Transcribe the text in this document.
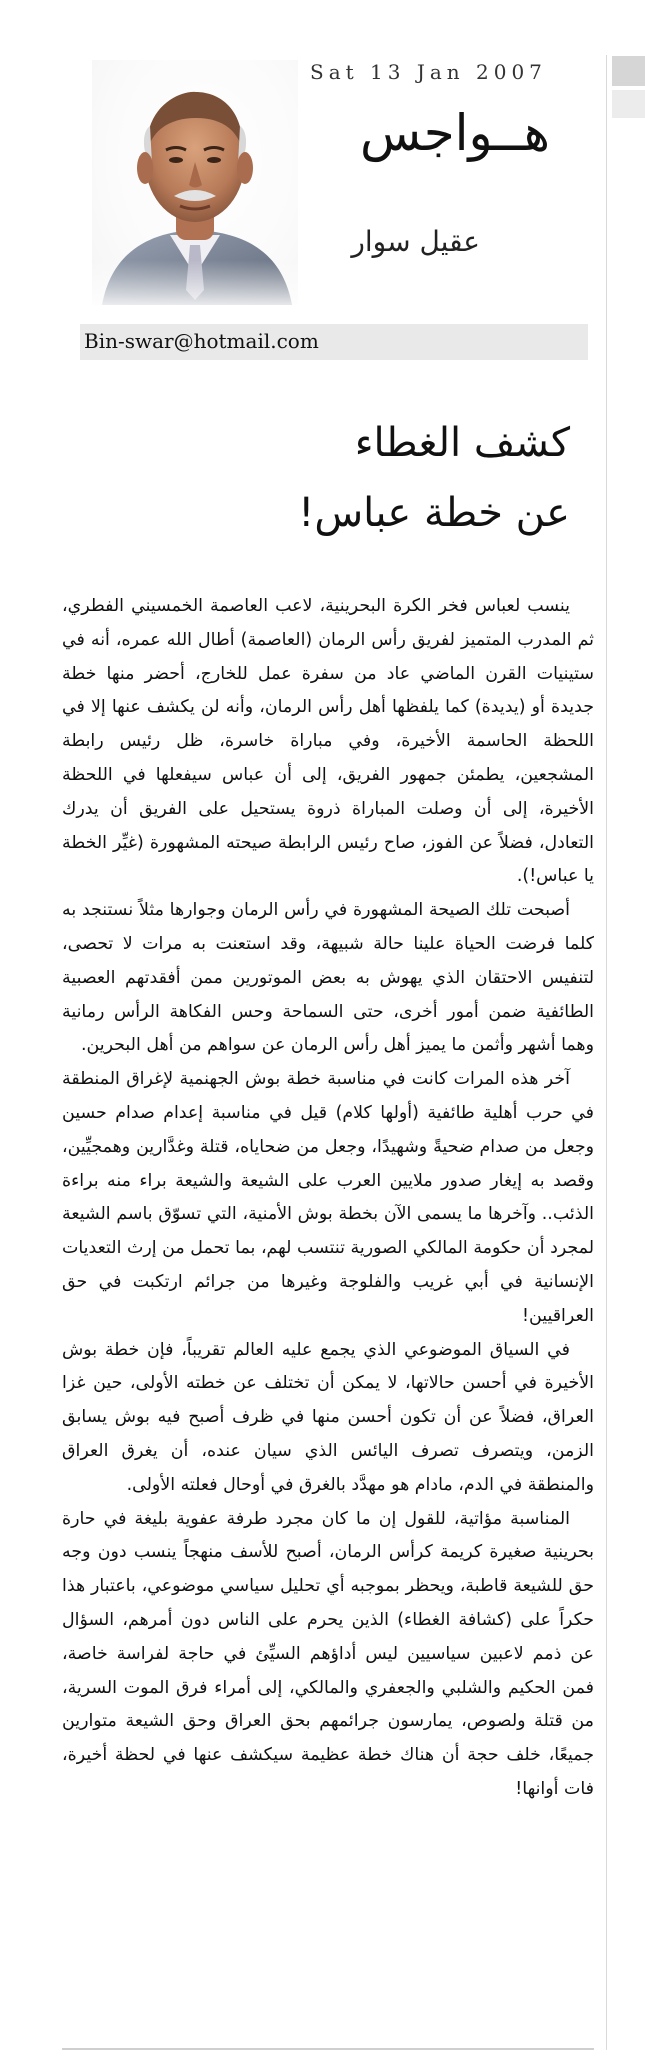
Sat 13 Jan 2007
هــواجس
عقيل سوار
Bin-swar@hotmail.com
كشف الغطاء
عن خطة عباس!

ينسب لعباس فخر الكرة البحرينية، لاعب العاصمة الخمسيني الفطري، ثم المدرب المتميز لفريق رأس الرمان (العاصمة) أطال الله عمره، أنه في ستينيات القرن الماضي عاد من سفرة عمل للخارج، أحضر منها خطة جديدة أو (يديدة) كما يلفظها أهل رأس الرمان، وأنه لن يكشف عنها إلا في اللحظة الحاسمة الأخيرة، وفي مباراة خاسرة، ظل رئيس رابطة المشجعين، يطمئن جمهور الفريق، إلى أن عباس سيفعلها في اللحظة الأخيرة، إلى أن وصلت المباراة ذروة يستحيل على الفريق أن يدرك التعادل، فضلاً عن الفوز، صاح رئيس الرابطة صيحته المشهورة (غيِّر الخطة يا عباس!).

أصبحت تلك الصيحة المشهورة في رأس الرمان وجوارها مثلاً نستنجد به كلما فرضت الحياة علينا حالة شبيهة، وقد استعنت به مرات لا تحصى، لتنفيس الاحتقان الذي يهوش به بعض الموتورين ممن أفقدتهم العصبية الطائفية ضمن أمور أخرى، حتى السماحة وحس الفكاهة الرأس رمانية وهما أشهر وأثمن ما يميز أهل رأس الرمان عن سواهم من أهل البحرين.

آخر هذه المرات كانت في مناسبة خطة بوش الجهنمية لإغراق المنطقة في حرب أهلية طائفية (أولها كلام) قيل في مناسبة إعدام صدام حسين وجعل من صدام ضحيةً وشهيدًا، وجعل من ضحاياه، قتلة وغدَّارين وهمجيِّين، وقصد به إيغار صدور ملايين العرب على الشيعة والشيعة براء منه براءة الذئب.. وآخرها ما يسمى الآن بخطة بوش الأمنية، التي تسوّق باسم الشيعة لمجرد أن حكومة المالكي الصورية تنتسب لهم، بما تحمل من إرث التعديات الإنسانية في أبي غريب والفلوجة وغيرها من جرائم ارتكبت في حق العراقيين!

في السياق الموضوعي الذي يجمع عليه العالم تقريباً، فإن خطة بوش الأخيرة في أحسن حالاتها، لا يمكن أن تختلف عن خطته الأولى، حين غزا العراق، فضلاً عن أن تكون أحسن منها في ظرف أصبح فيه بوش يسابق الزمن، ويتصرف تصرف اليائس الذي سيان عنده، أن يغرق العراق والمنطقة في الدم، مادام هو مهدَّد بالغرق في أوحال فعلته الأولى.

المناسبة مؤاتية، للقول إن ما كان مجرد طرفة عفوية بليغة في حارة بحرينية صغيرة كريمة كرأس الرمان، أصبح للأسف منهجاً ينسب دون وجه حق للشيعة قاطبة، ويحظر بموجبه أي تحليل سياسي موضوعي، باعتبار هذا حكراً على (كشافة الغطاء) الذين يحرم على الناس دون أمرهم، السؤال عن ذمم لاعبين سياسيين ليس أداؤهم السيِّئ في حاجة لفراسة خاصة، فمن الحكيم والشلبي والجعفري والمالكي، إلى أمراء فرق الموت السرية، من قتلة ولصوص، يمارسون جرائمهم بحق العراق وحق الشيعة متوارين جميعًا، خلف حجة أن هناك خطة عظيمة سيكشف عنها في لحظة أخيرة، فات أوانها!
